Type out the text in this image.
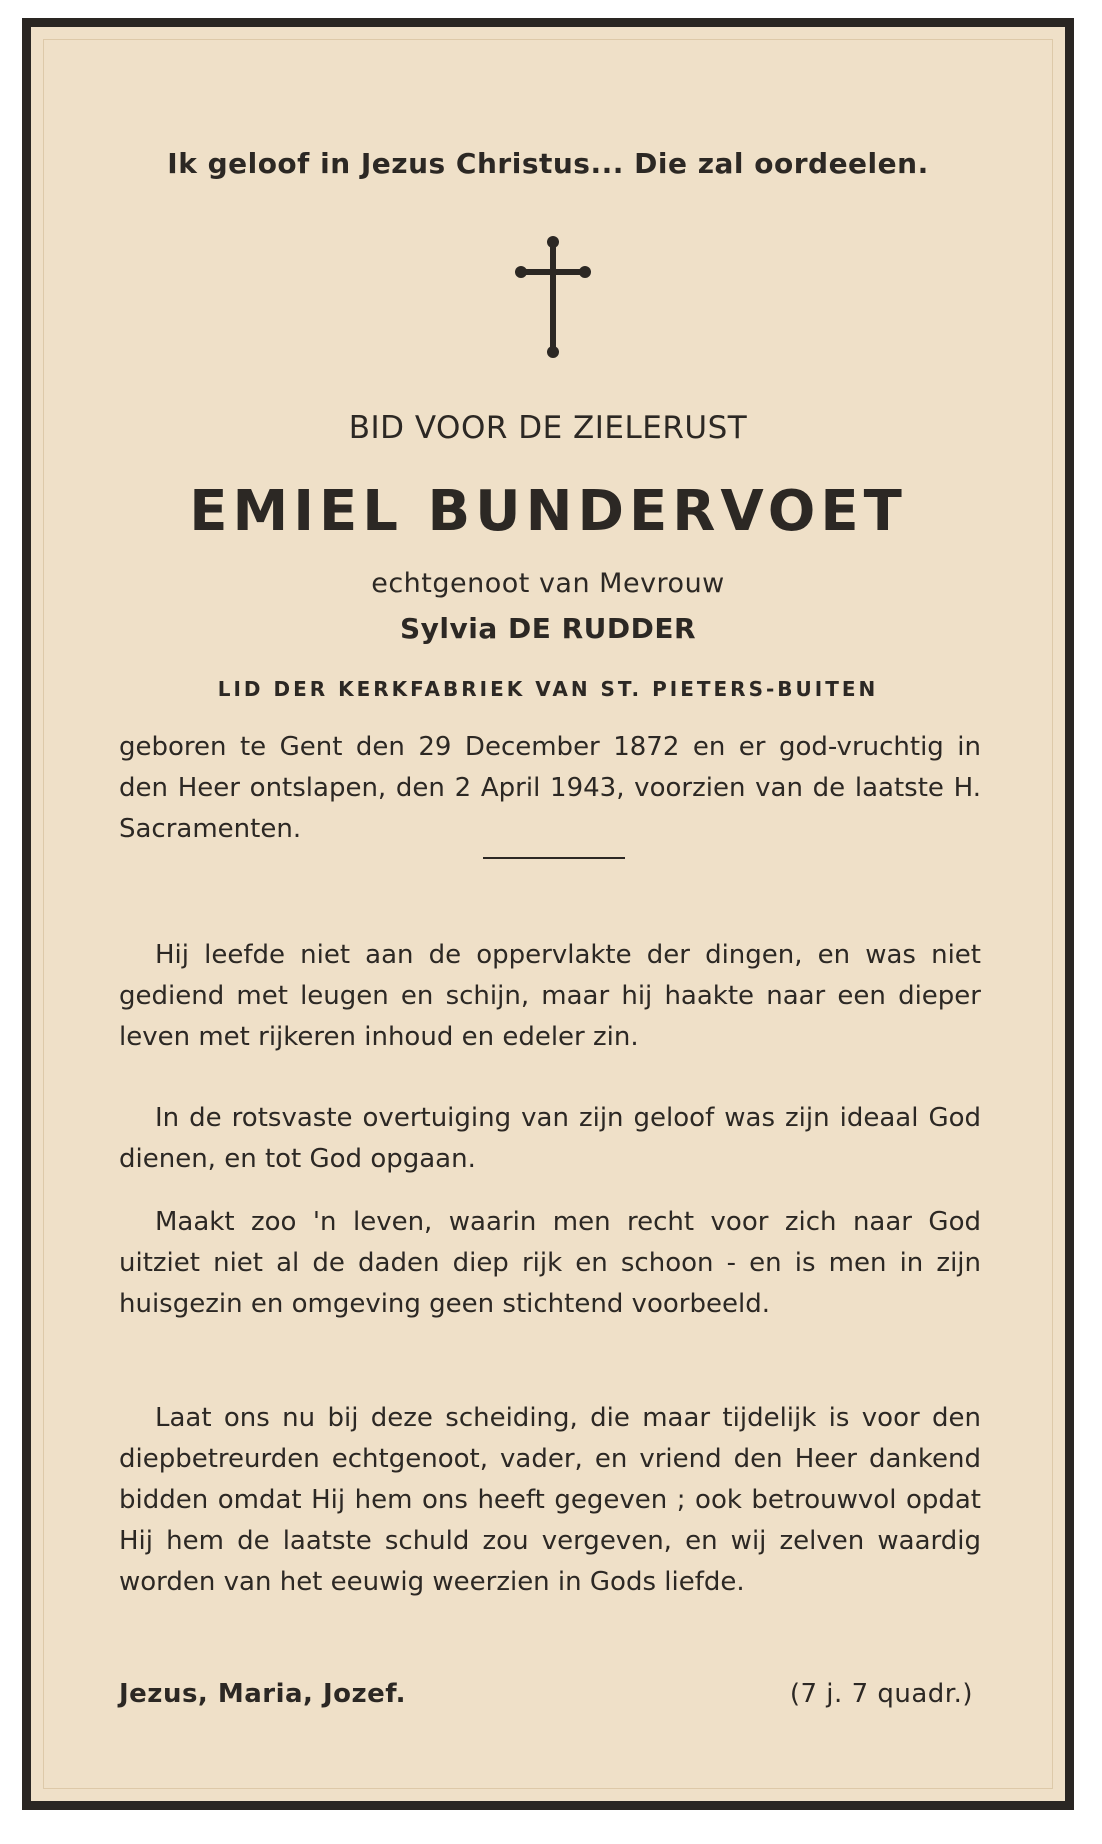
Ik geloof in Jezus Christus... Die zal oordeelen.
BID VOOR DE ZIELERUST
EMIEL BUNDERVOET
echtgenoot van Mevrouw
Sylvia DE RUDDER
LID DER KERKFABRIEK VAN ST. PIETERS-BUITEN
geboren te Gent den 29 December 1872 en er god-vruchtig in den Heer ontslapen, den 2 April 1943, voorzien van de laatste H. Sacramenten.
Hij leefde niet aan de oppervlakte der dingen, en was niet gediend met leugen en schijn, maar hij haakte naar een dieper leven met rijkeren inhoud en edeler zin.
In de rotsvaste overtuiging van zijn geloof was zijn ideaal God dienen, en tot God opgaan.
Maakt zoo 'n leven, waarin men recht voor zich naar God uitziet niet al de daden diep rijk en schoon - en is men in zijn huisgezin en omgeving geen stichtend voorbeeld.
Laat ons nu bij deze scheiding, die maar tijdelijk is voor den diepbetreurden echtgenoot, vader, en vriend den Heer dankend bidden omdat Hij hem ons heeft gegeven ; ook betrouwvol opdat Hij hem de laatste schuld zou vergeven, en wij zelven waardig worden van het eeuwig weerzien in Gods liefde.
Jezus, Maria, Jozef.	(7 j. 7 quadr.)
